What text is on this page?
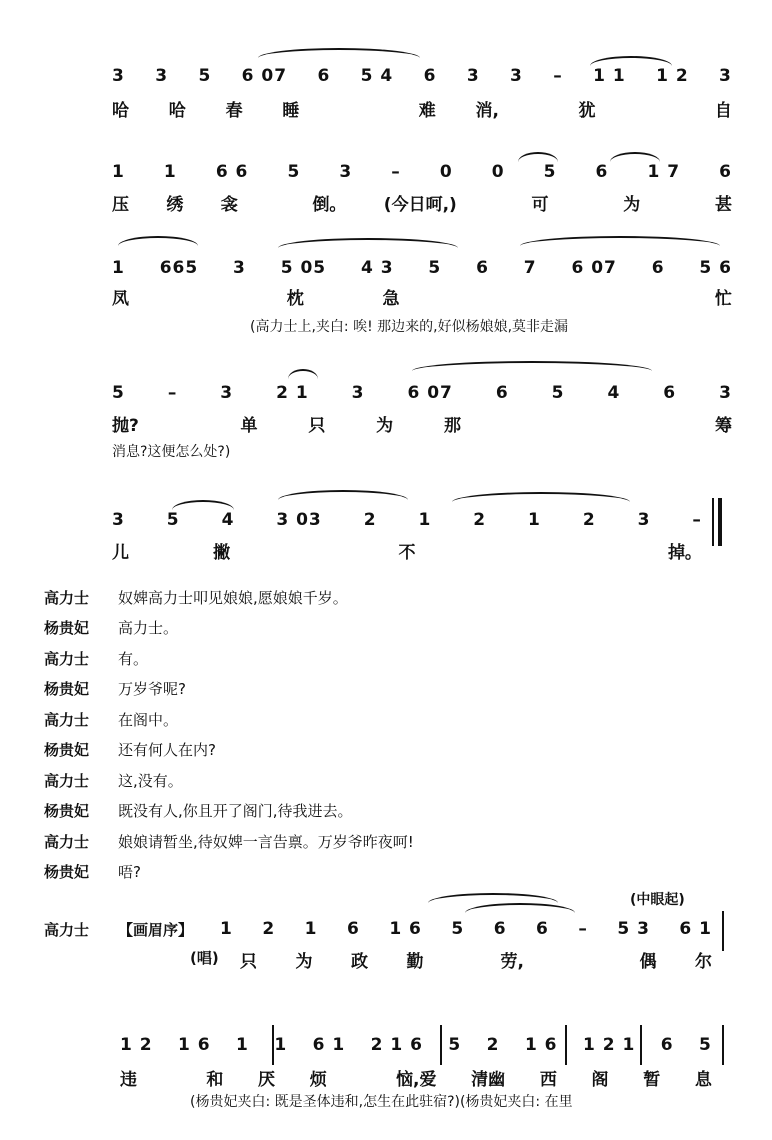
3 3 5 6 07 6 5 4 6 3 3 – 1 1 1 2 3
哈 哈 春 睡	难 消,	犹	自
1 1 6 6 5 3 – 0 0 5 6 1 7 6
压 绣 衾	倒。 (今日呵,)	可	为	甚
1 665 3 5 05 4 3 5 6 7 6 07 6 5 6
凤	枕	急	忙
(高力士上,夹白: 唉! 那边来的,好似杨娘娘,莫非走漏
5	–	3	2 1	3	6 07	6	5	4	6	3
抛?	单	只	为	那	筹
消息?这便怎么处?)
3 5 4 3 03 2 1 2 1 2 3 –
儿	撇	不	掉。
高力士	奴婢高力士叩见娘娘,愿娘娘千岁。
杨贵妃	高力士。
高力士	有。
杨贵妃	万岁爷呢?
高力士	在阁中。
杨贵妃	还有何人在内?
高力士	这,没有。
杨贵妃	既没有人,你且开了阁门,待我进去。
高力士	娘娘请暂坐,待奴婢一言告禀。万岁爷昨夜呵!
杨贵妃	唔?
高力士 【画眉序】
(中眼起)
1 2 1 6 1 6 5 6 6 – 5 3 6 1
(唱) 只 为 政 勤	劳,	偶 尔
1 2 1 6 1 1 6 1 2 1 6 5 2 1 6 1 2 1 6 5
违	和 厌 烦	恼,爱 清幽 西 阁 暂 息
(杨贵妃夹白: 既是圣体违和,怎生在此驻宿?)(杨贵妃夹白: 在里
